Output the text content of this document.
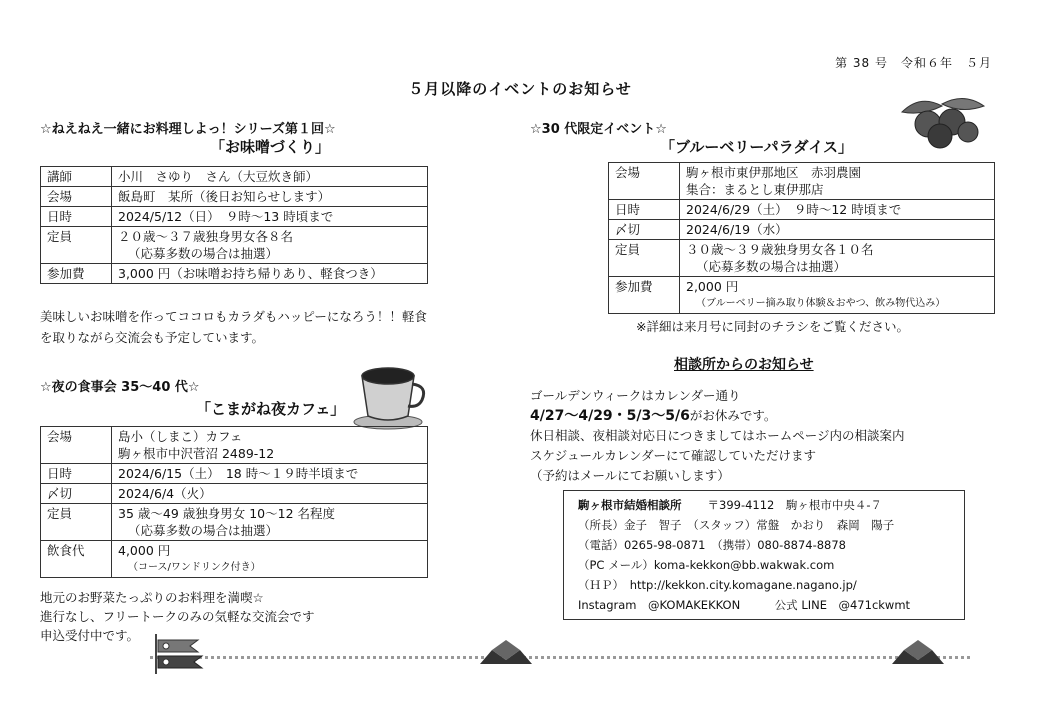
第 38 号　令和６年　５月
５月以降のイベントのお知らせ
☆ねえねえ一緒にお料理しよっ！シリーズ第１回☆
「お味噌づくり」
講師	小川　さゆり　さん（大豆炊き師）
会場	飯島町　某所（後日お知らせします）
日時	2024/5/12（日）　９時～13 時頃まで
定員	２０歳～３７歳独身男女各８名
（応募多数の場合は抽選）

参加費	3,000 円（お味噌お持ち帰りあり、軽食つき）
美味しいお味噌を作ってココロもカラダもハッピーになろう！！軽食
を取りながら交流会も予定しています。
☆夜の食事会 35～40 代☆
「こまがね夜カフェ」
会場	島小（しまこ）カフェ
駒ヶ根市中沢菅沼 2489-12
日時	2024/6/15（土）　18 時～１９時半頃まで
〆切	2024/6/4（火）
定員	35 歳～49 歳独身男女 10～12 名程度
（応募多数の場合は抽選）

飲食代	4,000 円
（コース/ワンドリンク付き）
地元のお野菜たっぷりのお料理を満喫☆
進行なし、フリートークのみの気軽な交流会です
申込受付中です。
☆30 代限定イベント☆
「ブルーベリーパラダイス」
会場	駒ヶ根市東伊那地区　赤羽農園
集合：まるとし東伊那店
日時	2024/6/29（土）　９時～12 時頃まで
〆切	2024/6/19（水）
定員	３０歳～３９歳独身男女各１０名
（応募多数の場合は抽選）

参加費	2,000 円
（ブルーベリー摘み取り体験＆おやつ、飲み物代込み）
※詳細は来月号に同封のチラシをご覧ください。
相談所からのお知らせ
ゴールデンウィークはカレンダー通り
4/27～4/29・5/3～5/6がお休みです。
休日相談、夜相談対応日につきましてはホームページ内の相談案内
スケジュールカレンダーにて確認していただけます
（予約はメールにてお願いします）
駒ヶ根市結婚相談所 〒399-4112　駒ヶ根市中央４-７
（所長）金子　智子　（スタッフ）常盤　かおり　森岡　陽子
（電話）0265-98-0871　（携帯）080-8874-8878
（PC メール）koma-kekkon@bb.wakwak.com
（ＨＰ）　http://kekkon.city.komagane.nagano.jp/
Instagram　@KOMAKEKKON　　　公式 LINE　@471ckwmt
